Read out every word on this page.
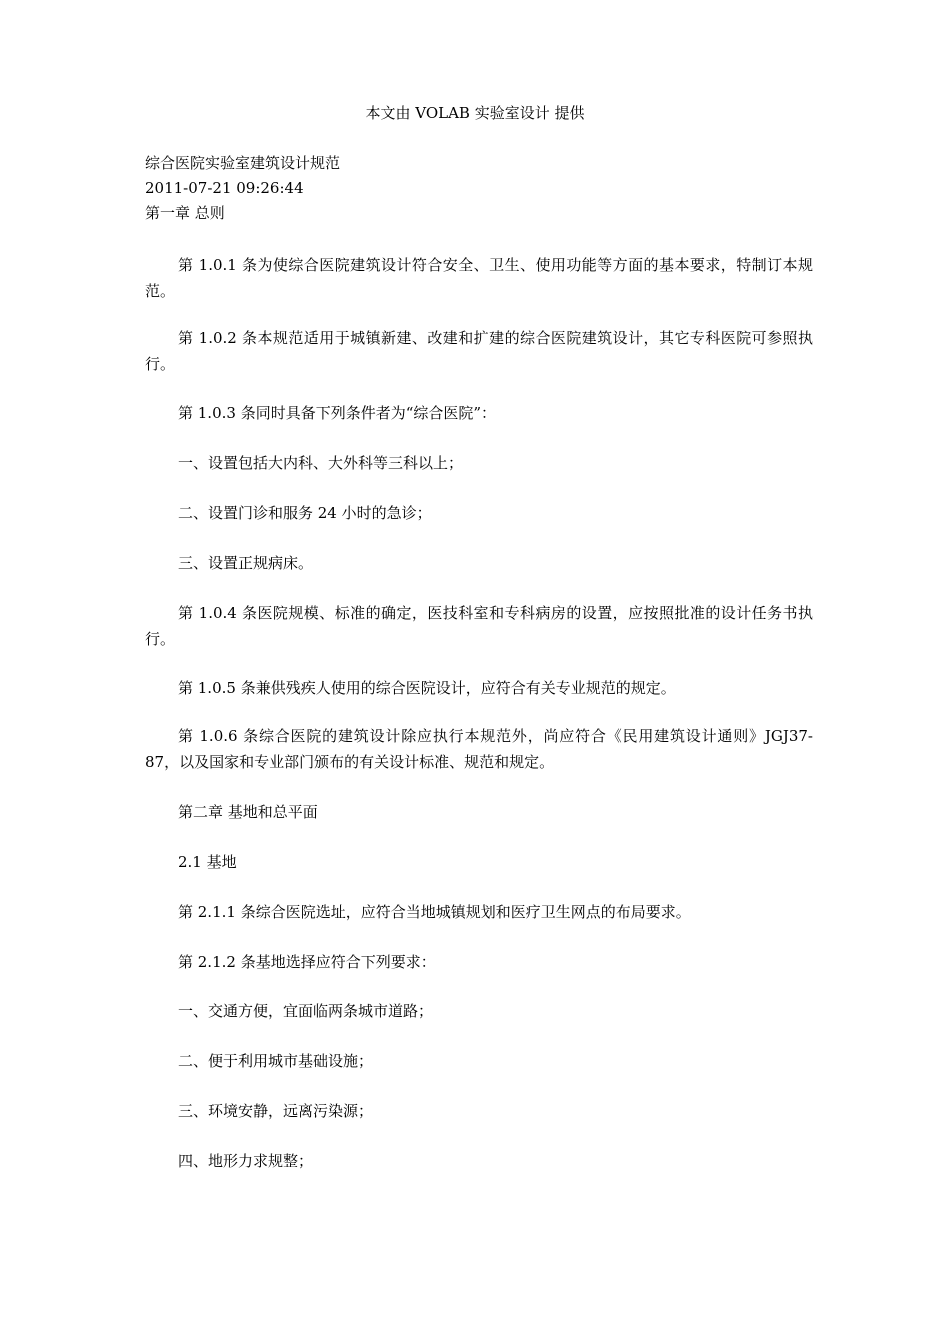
本文由 VOLAB 实验室设计 提供
综合医院实验室建筑设计规范
2011-07-21 09:26:44
第一章 总则
第 1.0.1 条为使综合医院建筑设计符合安全、卫生、使用功能等方面的基本要求，特制订本规范。
第 1.0.2 条本规范适用于城镇新建、改建和扩建的综合医院建筑设计，其它专科医院可参照执行。
第 1.0.3 条同时具备下列条件者为“综合医院”：
一、设置包括大内科、大外科等三科以上；
二、设置门诊和服务 24 小时的急诊；
三、设置正规病床。
第 1.0.4 条医院规模、标准的确定，医技科室和专科病房的设置，应按照批准的设计任务书执行。
第 1.0.5 条兼供残疾人使用的综合医院设计，应符合有关专业规范的规定。
第 1.0.6 条综合医院的建筑设计除应执行本规范外，尚应符合《民用建筑设计通则》JGJ37-87，以及国家和专业部门颁布的有关设计标准、规范和规定。
第二章 基地和总平面
2.1 基地
第 2.1.1 条综合医院选址，应符合当地城镇规划和医疗卫生网点的布局要求。
第 2.1.2 条基地选择应符合下列要求：
一、交通方便，宜面临两条城市道路；
二、便于利用城市基础设施；
三、环境安静，远离污染源；
四、地形力求规整；
